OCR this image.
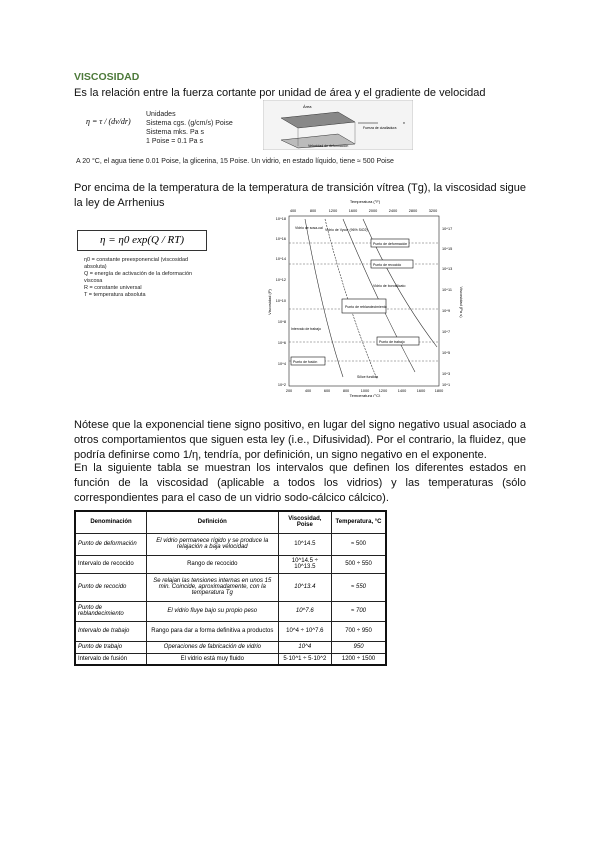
VISCOSIDAD
Es la relación entre la fuerza cortante por unidad de área y el gradiente de velocidad
η = τ / (dv/dr)
Unidades
Sistema cgs. (g/cm/s) Poise
Sistema mks. Pa s
1 Poise = 0.1 Pa s
Área
Fuerza de cizalladura
v
Velocidad de deformación
A 20 °C, el agua tiene 0.01 Poise, la glicerina, 15 Poise. Un vidrio, en estado líquido, tiene ≈ 500 Poise
Por encima de la temperatura de la temperatura de transición vítrea (Tg), la viscosidad sigue la ley de Arrhenius
η = η0 exp(Q / RT)
η0 = constante preexponencial (viscosidad absoluta)
Q = energía de activación de la deformación viscosa
R = constante universal
T = temperatura absoluta
Temperatura (°F)
400	800	1200	1600	2000	2400	2800	3200
200	400	600	800	1000	1200	1400	1600	1800
Temperatura (°C)
10^18
10^16
10^14
10^12
10^10
10^8
10^6
10^4
10^2
Viscosidad (P)
10^17
10^15
10^13
10^11
10^9
10^7
10^5
10^3
10^1
Viscosidad (Pa s)
Vidrio de sosa-cal Vidrio de Vycor (96% SiO2)
Sílice fundida
Punto de deformación
Punto de recocido
Punto de reblandecimiento
Intervalo de trabajo
Punto de trabajo
Punto de fusión
Vidrio de borosilicato
Nótese que la exponencial tiene signo positivo, en lugar del signo negativo usual asociado a otros comportamientos que siguen esta ley (i.e., Difusividad). Por el contrario, la fluidez, que podría definirse como 1/η, tendría, por definición, un signo negativo en el exponente.
En la siguiente tabla se muestran los intervalos que definen los diferentes estados en función de la viscosidad (aplicable a todos los vidrios) y las temperaturas (sólo correspondientes para el caso de un vidrio sodo-cálcico cálcico).
Denominación	Definición	Viscosidad, Poise	Temperatura, °C
Punto de deformación	El vidrio permanece rígido y se produce la relajación a baja velocidad	10^14.5	≈ 500
Intervalo de recocido	Rango de recocido	10^14.5 ÷ 10^13.5	500 ÷ 550
Punto de recocido	Se relajan las tensiones internas en unos 15 min. Coincide, aproximadamente, con la temperatura Tg	10^13.4	≈ 550
Punto de reblandecimiento	El vidrio fluye bajo su propio peso	10^7.6	≈ 700
Intervalo de trabajo	Rango para dar a forma definitiva a productos	10^4 ÷ 10^7.6	700 ÷ 950
Punto de trabajo	Operaciones de fabricación de vidrio	10^4	950
Intervalo de fusión	El vidrio está muy fluido	5·10^1 ÷ 5·10^2	1200 ÷ 1500
